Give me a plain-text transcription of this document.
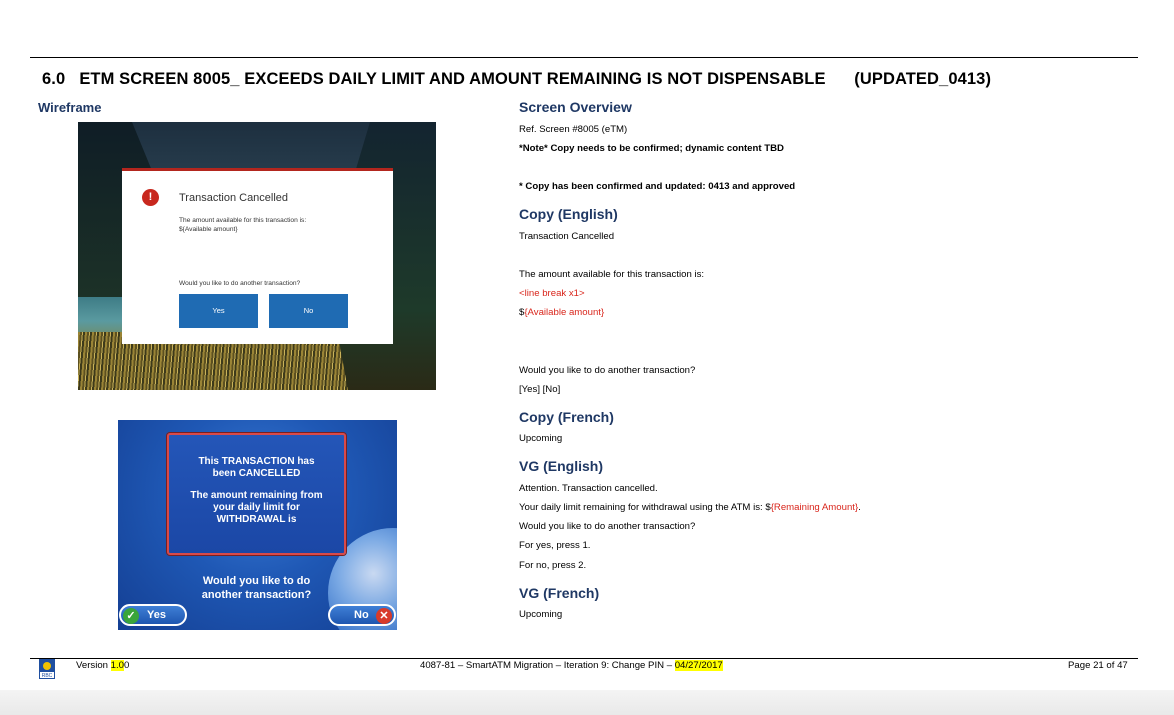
6.0 ETM SCREEN 8005_ EXCEEDS DAILY LIMIT AND AMOUNT REMAINING IS NOT DISPENSABLE (UPDATED_0413)
Wireframe
!	Transaction Cancelled
The amount available for this transaction is:
${Available amount}
Would you like to do another transaction?
Yes	No
This TRANSACTION has
been CANCELLED
The amount remaining from
your daily limit for
WITHDRAWAL is
Would you like to do
another transaction?
✓	Yes	No ✕
Screen Overview
Ref. Screen #8005 (eTM)
*Note* Copy needs to be confirmed; dynamic content TBD
* Copy has been confirmed and updated: 0413 and approved
Copy (English)
Transaction Cancelled
The amount available for this transaction is:
<line break x1>
${Available amount}
Would you like to do another transaction?
[Yes] [No]
Copy (French)
Upcoming
VG (English)
Attention. Transaction cancelled.
Your daily limit remaining for withdrawal using the ATM is: ${Remaining Amount}.
Would you like to do another transaction?
For yes, press 1.
For no, press 2.
VG (French)
Upcoming
RBC
Version 1.00	4087-81 – SmartATM Migration – Iteration 9: Change PIN – 04/27/2017	Page 21 of 47
